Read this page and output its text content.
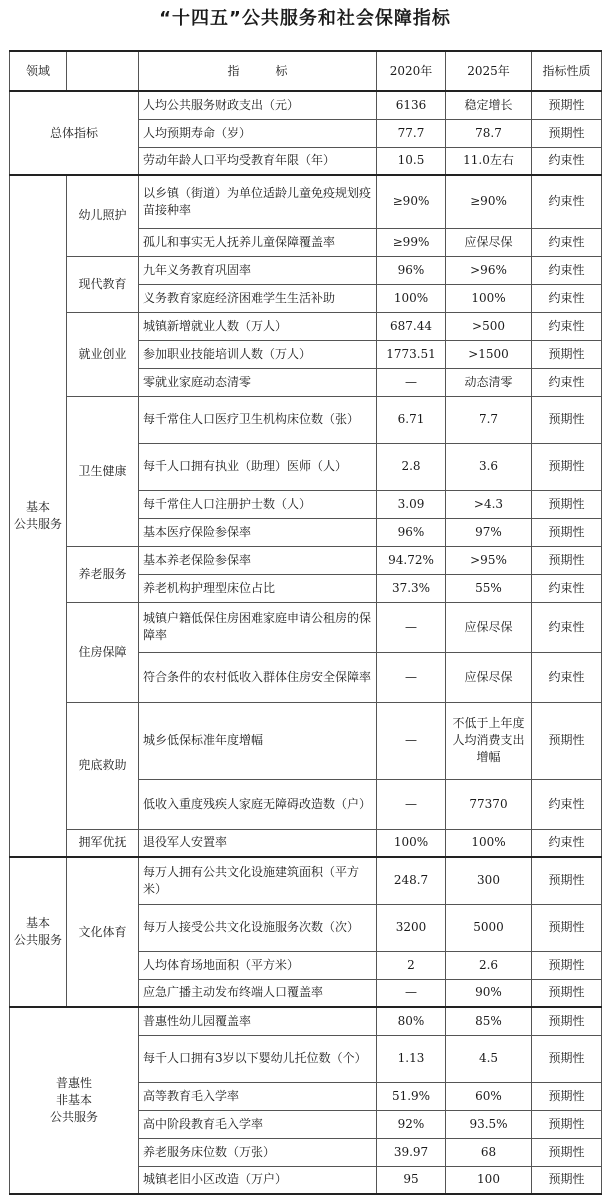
“十四五”公共服务和社会保障指标
领域		指　　　标	2020年	2025年	指标性质
总体指标		人均公共服务财政支出（元）	6136	稳定增长	预期性
		人均预期寿命（岁）	77.7	78.7	预期性
		劳动年龄人口平均受教育年限（年）	10.5	11.0左右	约束性
基本
公共服务	幼儿照护	以乡镇（街道）为单位适龄儿童免疫规划疫苗接种率	≥90%	≥90%	约束性
		孤儿和事实无人抚养儿童保障覆盖率	≥99%	应保尽保	约束性
	现代教育	九年义务教育巩固率	96%	>96%	约束性
		义务教育家庭经济困难学生生活补助	100%	100%	约束性
	就业创业	城镇新增就业人数（万人）	687.44	>500	约束性
		参加职业技能培训人数（万人）	1773.51	>1500	预期性
		零就业家庭动态清零	—	动态清零	约束性
	卫生健康	每千常住人口医疗卫生机构床位数（张）	6.71	7.7	预期性
		每千人口拥有执业（助理）医师（人）	2.8	3.6	预期性
		每千常住人口注册护士数（人）	3.09	>4.3	预期性
		基本医疗保险参保率	96%	97%	预期性
	养老服务	基本养老保险参保率	94.72%	>95%	预期性
		养老机构护理型床位占比	37.3%	55%	约束性
	住房保障	城镇户籍低保住房困难家庭申请公租房的保障率	—	应保尽保	约束性
		符合条件的农村低收入群体住房安全保障率	—	应保尽保	约束性
	兜底救助	城乡低保标准年度增幅	—	不低于上年度人均消费支出增幅	预期性
		低收入重度残疾人家庭无障碍改造数（户）	—	77370	约束性
	拥军优抚	退役军人安置率	100%	100%	约束性
基本
公共服务	文化体育	每万人拥有公共文化设施建筑面积（平方米）	248.7	300	预期性
		每万人接受公共文化设施服务次数（次）	3200	5000	预期性
		人均体育场地面积（平方米）	2	2.6	预期性
		应急广播主动发布终端人口覆盖率	—	90%	预期性
普惠性
非基本
公共服务		普惠性幼儿园覆盖率	80%	85%	预期性
		每千人口拥有3岁以下婴幼儿托位数（个）	1.13	4.5	预期性
		高等教育毛入学率	51.9%	60%	预期性
		高中阶段教育毛入学率	92%	93.5%	预期性
		养老服务床位数（万张）	39.97	68	预期性
		城镇老旧小区改造（万户）	95	100	预期性
